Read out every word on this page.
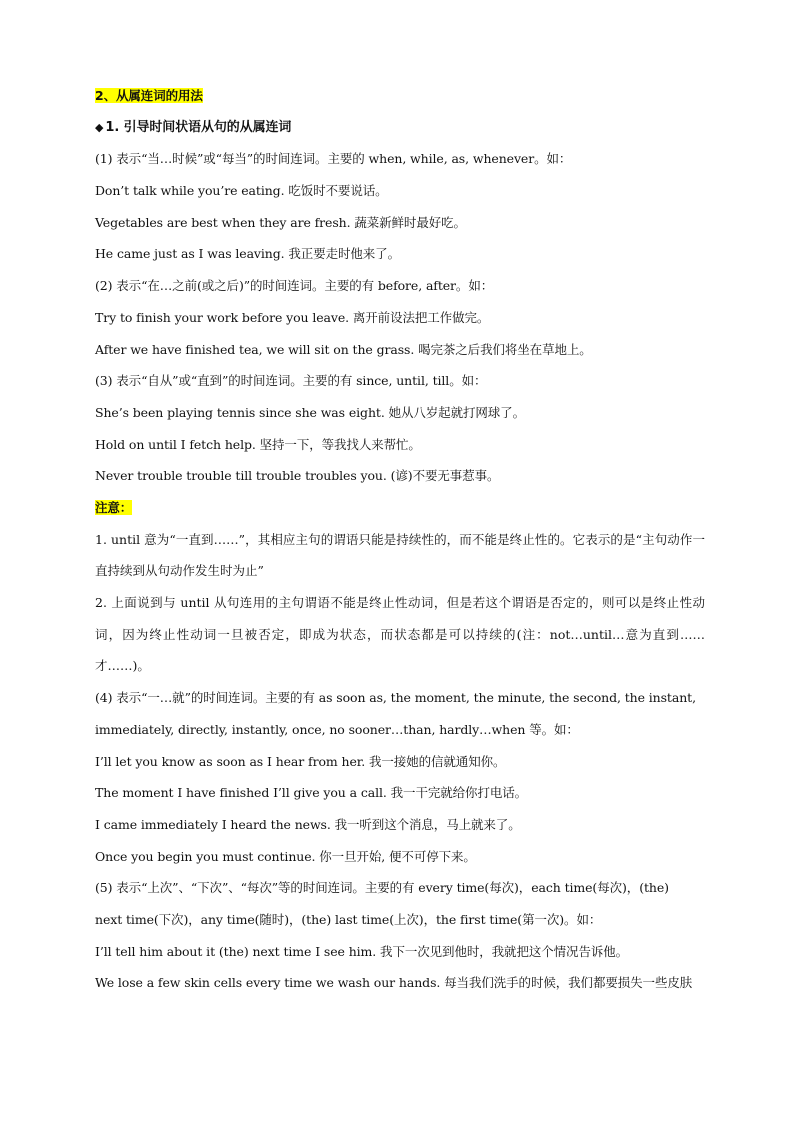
2、从属连词的用法
◆ 1. 引导时间状语从句的从属连词
(1) 表示“当…时候”或“每当”的时间连词。主要的 when, while, as, whenever。如：
Don’t talk while you’re eating. 吃饭时不要说话。
Vegetables are best when they are fresh. 蔬菜新鲜时最好吃。
He came just as I was leaving. 我正要走时他来了。
(2) 表示“在…之前(或之后)”的时间连词。主要的有 before, after。如：
Try to finish your work before you leave. 离开前设法把工作做完。
After we have finished tea, we will sit on the grass. 喝完茶之后我们将坐在草地上。
(3) 表示“自从”或“直到”的时间连词。主要的有 since, until, till。如：
She’s been playing tennis since she was eight. 她从八岁起就打网球了。
Hold on until I fetch help. 坚持一下，等我找人来帮忙。
Never trouble trouble till trouble troubles you. (谚)不要无事惹事。
注意：
1. until 意为“一直到……”，其相应主句的谓语只能是持续性的，而不能是终止性的。它表示的是“主句动作一直持续到从句动作发生时为止”
2. 上面说到与 until 从句连用的主句谓语不能是终止性动词，但是若这个谓语是否定的，则可以是终止性动词，因为终止性动词一旦被否定，即成为状态，而状态都是可以持续的(注：not…until…意为直到……才……)。
(4) 表示“一…就”的时间连词。主要的有 as soon as, the moment, the minute, the second, the instant,
immediately, directly, instantly, once, no sooner…than, hardly…when 等。如：
I’ll let you know as soon as I hear from her. 我一接她的信就通知你。
The moment I have finished I’ll give you a call. 我一干完就给你打电话。
I came immediately I heard the news. 我一听到这个消息，马上就来了。
Once you begin you must continue. 你一旦开始, 便不可停下来。
(5) 表示“上次”、“下次”、“每次”等的时间连词。主要的有 every time(每次)，each time(每次)，(the)
next time(下次)，any time(随时)，(the) last time(上次)，the first time(第一次)。如：
I’ll tell him about it (the) next time I see him. 我下一次见到他时，我就把这个情况告诉他。
We lose a few skin cells every time we wash our hands. 每当我们洗手的时候，我们都要损失一些皮肤
